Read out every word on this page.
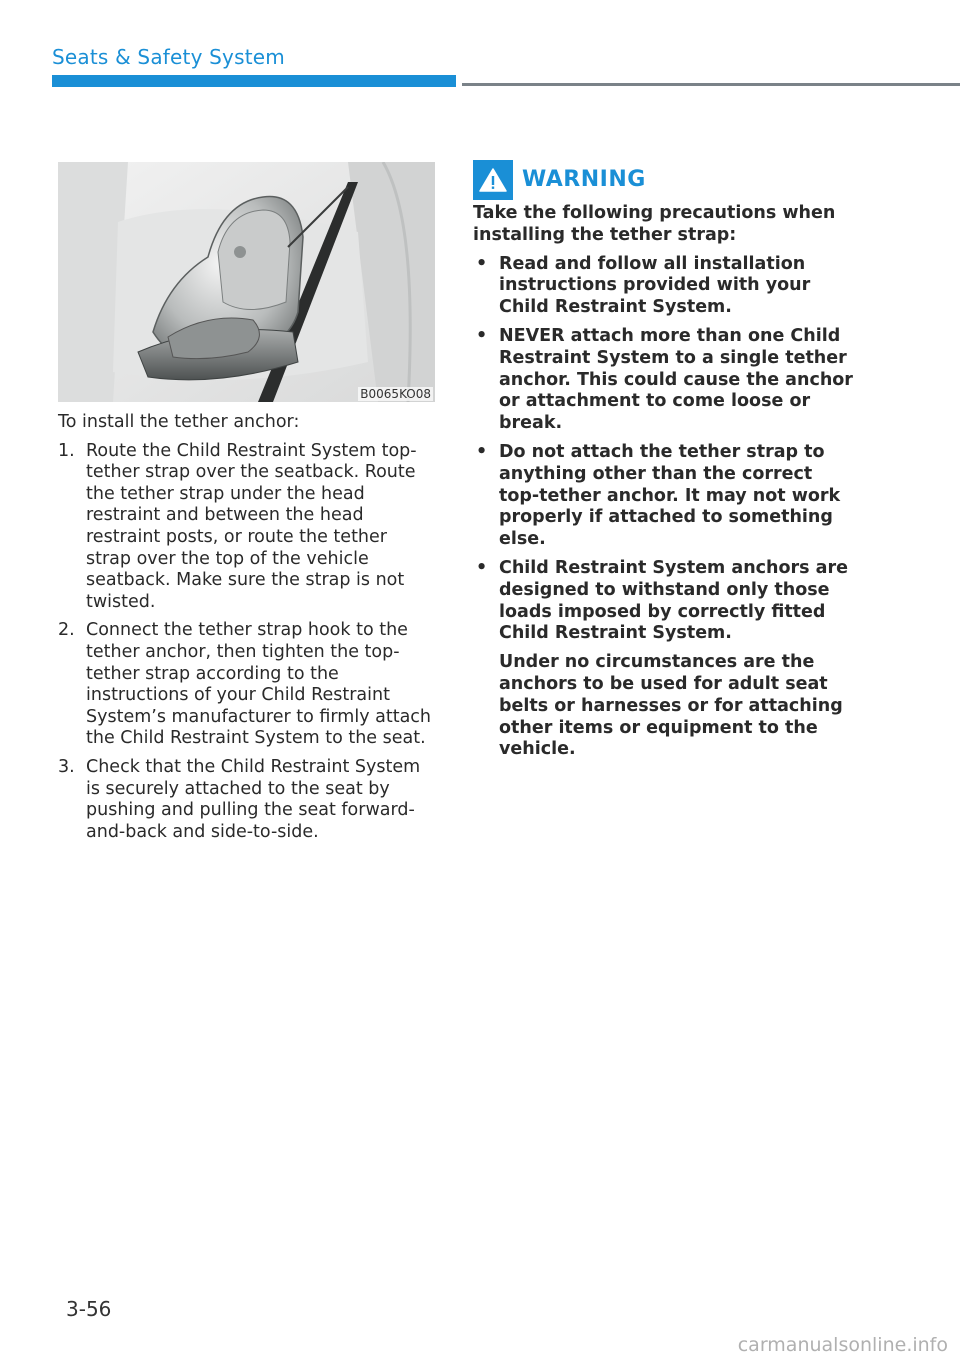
Seats & Safety System
B0065KO08

To install the tether anchor:

1. Route the Child Restraint System top-tether strap over the seatback. Route the tether strap under the head restraint and between the head restraint posts, or route the tether strap over the top of the vehicle seatback. Make sure the strap is not twisted.
2. Connect the tether strap hook to the tether anchor, then tighten the top-tether strap according to the instructions of your Child Restraint System’s manufacturer to firmly attach the Child Restraint System to the seat.
3. Check that the Child Restraint System is securely attached to the seat by pushing and pulling the seat forward-and-back and side-to-side.
WARNING

Take the following precautions when installing the tether strap:

• Read and follow all installation instructions provided with your Child Restraint System.
• NEVER attach more than one Child Restraint System to a single tether anchor. This could cause the anchor or attachment to come loose or break.
• Do not attach the tether strap to anything other than the correct top-tether anchor. It may not work properly if attached to something else.
• Child Restraint System anchors are designed to withstand only those loads imposed by correctly fitted Child Restraint System.

Under no circumstances are the anchors to be used for adult seat belts or harnesses or for attaching other items or equipment to the vehicle.

3-56
carmanualsonline.info
